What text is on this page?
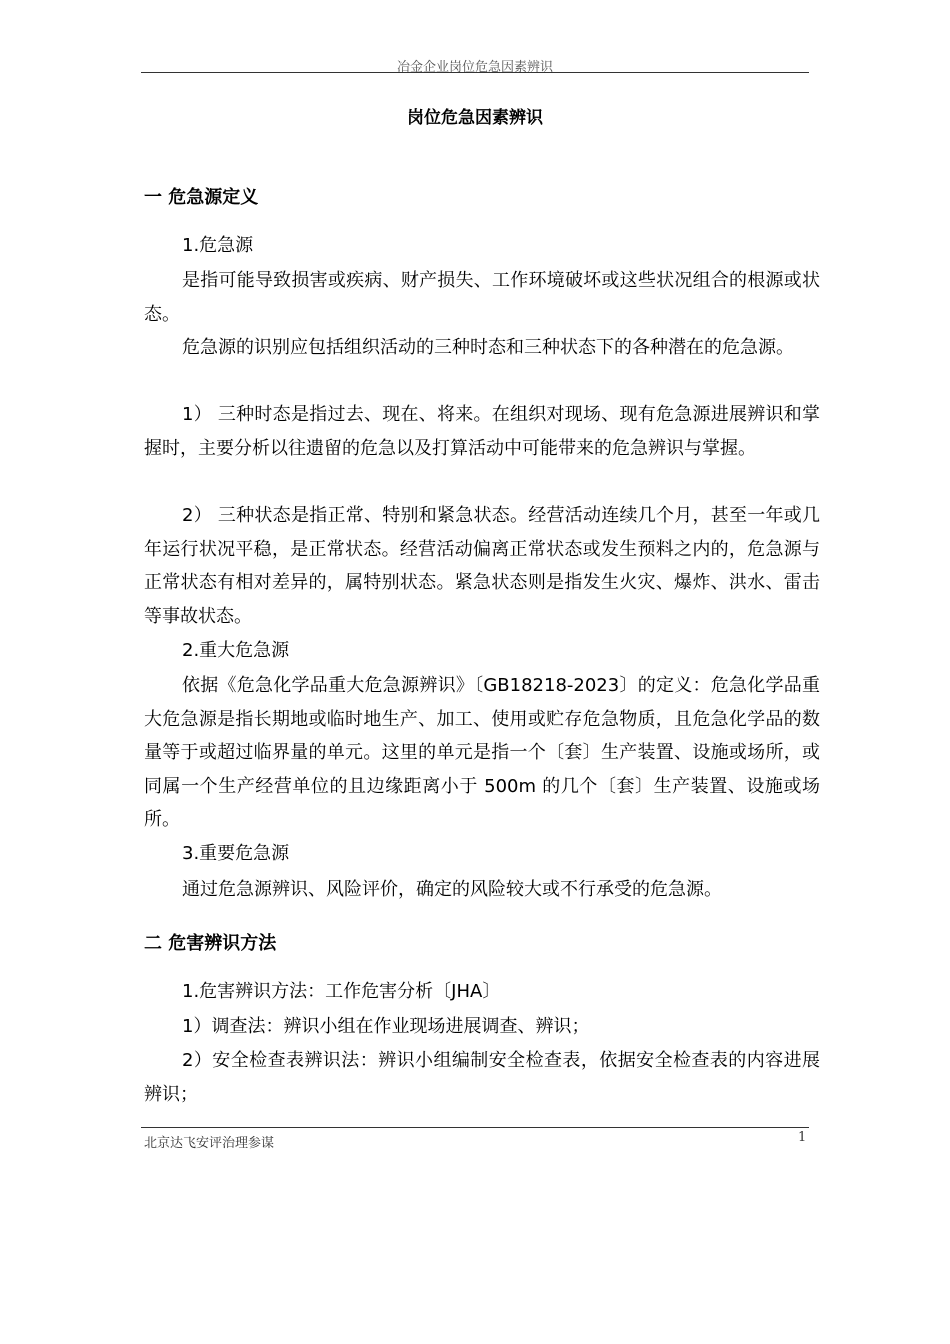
冶金企业岗位危急因素辨识
岗位危急因素辨识
一 危急源定义
1.危急源
是指可能导致损害或疾病、财产损失、工作环境破坏或这些状况组合的根源或状态。
危急源的识别应包括组织活动的三种时态和三种状态下的各种潜在的危急源。
1） 三种时态是指过去、现在、将来。在组织对现场、现有危急源进展辨识和掌握时，主要分析以往遗留的危急以及打算活动中可能带来的危急辨识与掌握。
2） 三种状态是指正常、特别和紧急状态。经营活动连续几个月，甚至一年或几年运行状况平稳，是正常状态。经营活动偏离正常状态或发生预料之内的，危急源与正常状态有相对差异的，属特别状态。紧急状态则是指发生火灾、爆炸、洪水、雷击等事故状态。
2.重大危急源
依据《危急化学品重大危急源辨识》〔GB18218-2023〕的定义：危急化学品重大危急源是指长期地或临时地生产、加工、使用或贮存危急物质，且危急化学品的数量等于或超过临界量的单元。这里的单元是指一个〔套〕生产装置、设施或场所，或同属一个生产经营单位的且边缘距离小于 500m 的几个〔套〕生产装置、设施或场所。
3.重要危急源
通过危急源辨识、风险评价，确定的风险较大或不行承受的危急源。
二 危害辨识方法
1.危害辨识方法：工作危害分析〔JHA〕
1）调查法：辨识小组在作业现场进展调查、辨识；
2）安全检查表辨识法：辨识小组编制安全检查表，依据安全检查表的内容进展辨识；
北京达飞安评治理参谋	1
